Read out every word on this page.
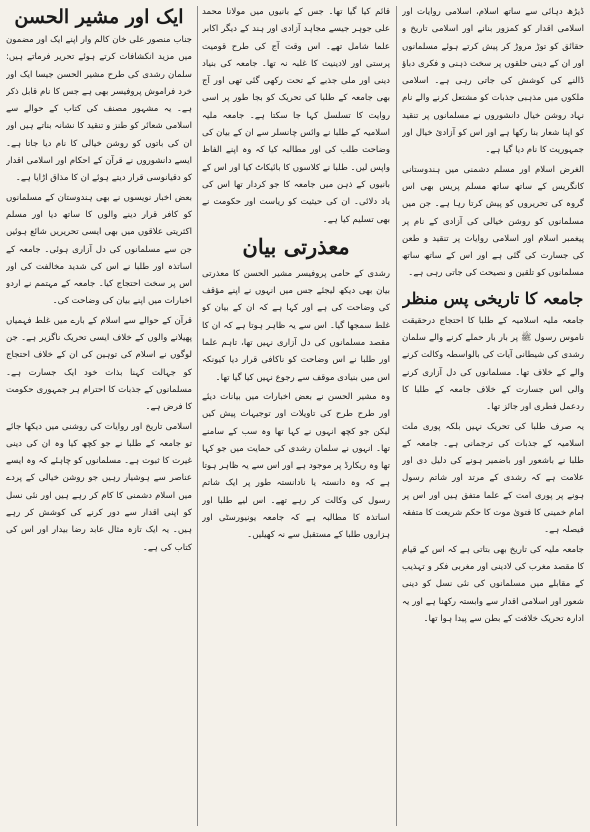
ڈیڑھ دہائی سے ساتھ اسلام، اسلامی روایات اور اسلامی اقدار کو کمزور بنانے اور اسلامی تاریخ و حقائق کو توڑ مروڑ کر پیش کرتے ہوئے مسلمانوں اور ان کے دینی حلقوں پر سخت ذہنی و فکری دباؤ ڈالنے کی کوشش کی جاتی رہی ہے۔ اسلامی ملکوں میں مذہبی جذبات کو مشتعل کرنے والے نام نہاد روشن خیال دانشوروں نے مسلمانوں پر تنقید کو اپنا شعار بنا رکھا ہے اور اس کو آزادئ خیال اور جمہوریت کا نام دیا گیا ہے۔

الغرض اسلام اور مسلم دشمنی میں ہندوستانی کانگریس کے ساتھ ساتھ مسلم پریس بھی اس گروہ کی تحریروں کو پیش کرتا رہا ہے۔ جن میں مسلمانوں کو روشن خیالی کی آزادی کے نام پر پیغمبر اسلام اور اسلامی روایات پر تنقید و طعن کی جسارت کی گئی ہے اور اس کے ساتھ ساتھ مسلمانوں کو تلقین و نصیحت کی جاتی رہی ہے۔

جامعہ کا تاریخی پس منظر

جامعہ ملیہ اسلامیہ کے طلبا کا احتجاج درحقیقت ناموس رسول ﷺ پر بار بار حملے کرنے والے سلمان رشدی کی شیطانی آیات کی بالواسطہ وکالت کرنے والے کے خلاف تھا۔ مسلمانوں کی دل آزاری کرنے والی اس جسارت کے خلاف جامعہ کے طلبا کا ردعمل فطری اور جائز تھا۔

یہ صرف طلبا کی تحریک نہیں بلکہ پوری ملت اسلامیہ کے جذبات کی ترجمانی ہے۔ جامعہ کے طلبا نے باشعور اور باضمیر ہونے کی دلیل دی اور علامت ہے کہ رشدی کے مرتد اور شاتم رسول ہونے پر پوری امت کے علما متفق ہیں اور اس پر امام خمینی کا فتویٰ موت کا حکم شریعت کا متفقہ فیصلہ ہے۔

جامعہ ملیہ کی تاریخ بھی بتاتی ہے کہ اس کے قیام کا مقصد مغرب کی لادینی اور مغربی فکر و تہذیب کے مقابلے میں مسلمانوں کی نئی نسل کو دینی شعور اور اسلامی اقدار سے وابستہ رکھنا ہے اور یہ ادارہ تحریک خلافت کے بطن سے پیدا ہوا تھا۔

قائم کیا گیا تھا۔ جس کے بانیوں میں مولانا محمد علی جوہر جیسے مجاہد آزادی اور ہند کے دیگر اکابر علما شامل تھے۔ اس وقت آج کی طرح قومیت پرستی اور لادینیت کا غلبہ نہ تھا۔ جامعہ کی بنیاد دینی اور ملی جذبے کے تحت رکھی گئی تھی اور آج بھی جامعہ کے طلبا کی تحریک کو بجا طور پر اسی روایت کا تسلسل کہا جا سکتا ہے۔ جامعہ ملیہ اسلامیہ کے طلبا نے وائس چانسلر سے ان کے بیان کی وضاحت طلب کی اور مطالبہ کیا کہ وہ اپنے الفاظ واپس لیں۔ طلبا نے کلاسوں کا بائیکاٹ کیا اور اس کے بانیوں کے ذہن میں جامعہ کا جو کردار تھا اس کی یاد دلائی۔ ان کی حیثیت کو ریاست اور حکومت نے بھی تسلیم کیا ہے۔

معذرتی بیان

رشدی کے حامی پروفیسر مشیر الحسن کا معذرتی بیان بھی دیکھ لیجئے جس میں انہوں نے اپنے مؤقف کی وضاحت کی ہے اور کہا ہے کہ ان کے بیان کو غلط سمجھا گیا۔ اس سے یہ ظاہر ہوتا ہے کہ ان کا مقصد مسلمانوں کی دل آزاری نہیں تھا، تاہم علما اور طلبا نے اس وضاحت کو ناکافی قرار دیا کیونکہ اس میں بنیادی موقف سے رجوع نہیں کیا گیا تھا۔

وہ مشیر الحسن نے بعض اخبارات میں بیانات دیئے اور طرح طرح کی تاویلات اور توجیہات پیش کیں لیکن جو کچھ انہوں نے کہا تھا وہ سب کے سامنے تھا۔ انہوں نے سلمان رشدی کی حمایت میں جو کہا تھا وہ ریکارڈ پر موجود ہے اور اس سے یہ ظاہر ہوتا ہے کہ وہ دانستہ یا نادانستہ طور پر ایک شاتم رسول کی وکالت کر رہے تھے۔ اس لیے طلبا اور اساتذہ کا مطالبہ ہے کہ جامعہ یونیورسٹی اور ہزاروں طلبا کے مستقبل سے نہ کھیلیں۔

ایک اور مشیر الحسن

جناب منصور علی خان کالم وار اپنے ایک اور مضمون میں مزید انکشافات کرتے ہوئے تحریر فرماتے ہیں: سلمان رشدی کی طرح مشیر الحسن جیسا ایک اور خرد فراموش پروفیسر بھی ہے جس کا نام قابل ذکر ہے۔ یہ مشہور مصنف کی کتاب کے حوالے سے اسلامی شعائر کو طنز و تنقید کا نشانہ بناتے ہیں اور ان کی باتوں کو روشن خیالی کا نام دیا جاتا ہے۔ ایسے دانشوروں نے قرآن کے احکام اور اسلامی اقدار کو دقیانوسی قرار دیتے ہوئے ان کا مذاق اڑایا ہے۔

بعض اخبار نویسوں نے بھی ہندوستان کے مسلمانوں کو کافر قرار دینے والوں کا ساتھ دیا اور مسلم اکثریتی علاقوں میں بھی ایسی تحریریں شائع ہوئیں جن سے مسلمانوں کی دل آزاری ہوئی۔ جامعہ کے اساتذہ اور طلبا نے اس کی شدید مخالفت کی اور اس پر سخت احتجاج کیا۔ جامعہ کے مہتمم نے اردو اخبارات میں اپنے بیان کی وضاحت کی۔

قرآن کے حوالے سے اسلام کے بارے میں غلط فہمیاں پھیلانے والوں کے خلاف ایسی تحریک ناگزیر ہے۔ جن لوگوں نے اسلام کی توہین کی ان کے خلاف احتجاج کو جہالت کہنا بذات خود ایک جسارت ہے۔ مسلمانوں کے جذبات کا احترام ہر جمہوری حکومت کا فرض ہے۔

اسلامی تاریخ اور روایات کی روشنی میں دیکھا جائے تو جامعہ کے طلبا نے جو کچھ کیا وہ ان کی دینی غیرت کا ثبوت ہے۔ مسلمانوں کو چاہئے کہ وہ ایسے عناصر سے ہوشیار رہیں جو روشن خیالی کے پردے میں اسلام دشمنی کا کام کر رہے ہیں اور نئی نسل کو اپنی اقدار سے دور کرنے کی کوشش کر رہے ہیں۔ یہ ایک تازہ مثال عابد رضا بیدار اور اس کی کتاب کی ہے۔
